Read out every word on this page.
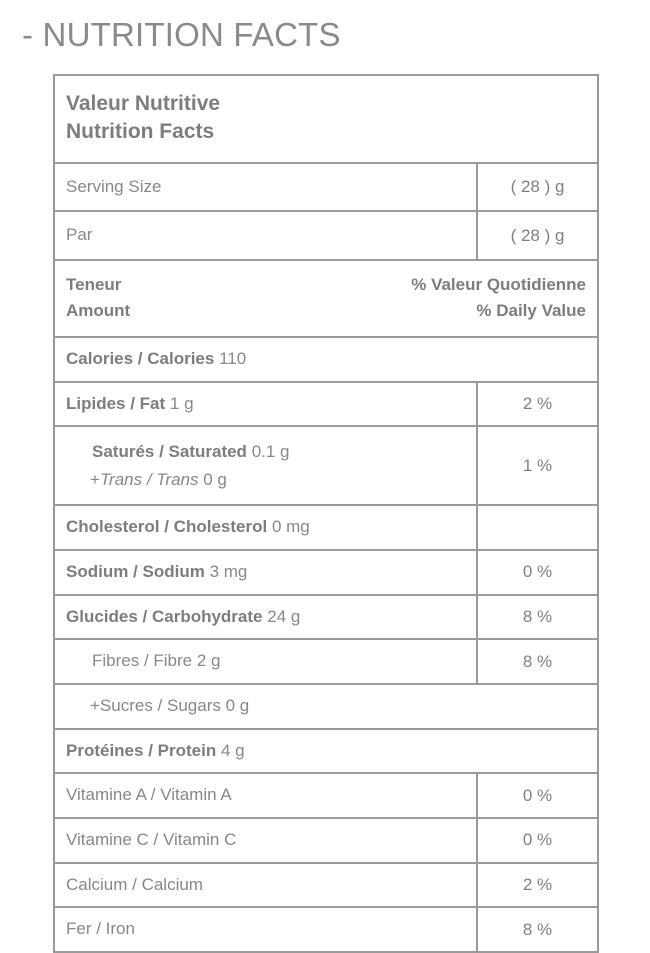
- NUTRITION FACTS
Valeur Nutritive
Nutrition Facts	

Serving Size	( 28 ) g

Par	( 28 ) g

Teneur % Valeur Quotidienne
Amount % Daily Value	

Calories / Calories 110	

Lipides / Fat 1 g	2 %

Saturés / Saturated 0.1 g
+Trans / Trans 0 g	1 %

Cholesterol / Cholesterol 0 mg	

Sodium / Sodium 3 mg	0 %

Glucides / Carbohydrate 24 g	8 %

Fibres / Fibre 2 g	8 %

+Sucres / Sugars 0 g	

Protéines / Protein 4 g	

Vitamine A / Vitamin A	0 %

Vitamine C / Vitamin C	0 %

Calcium / Calcium	2 %

Fer / Iron	8 %
